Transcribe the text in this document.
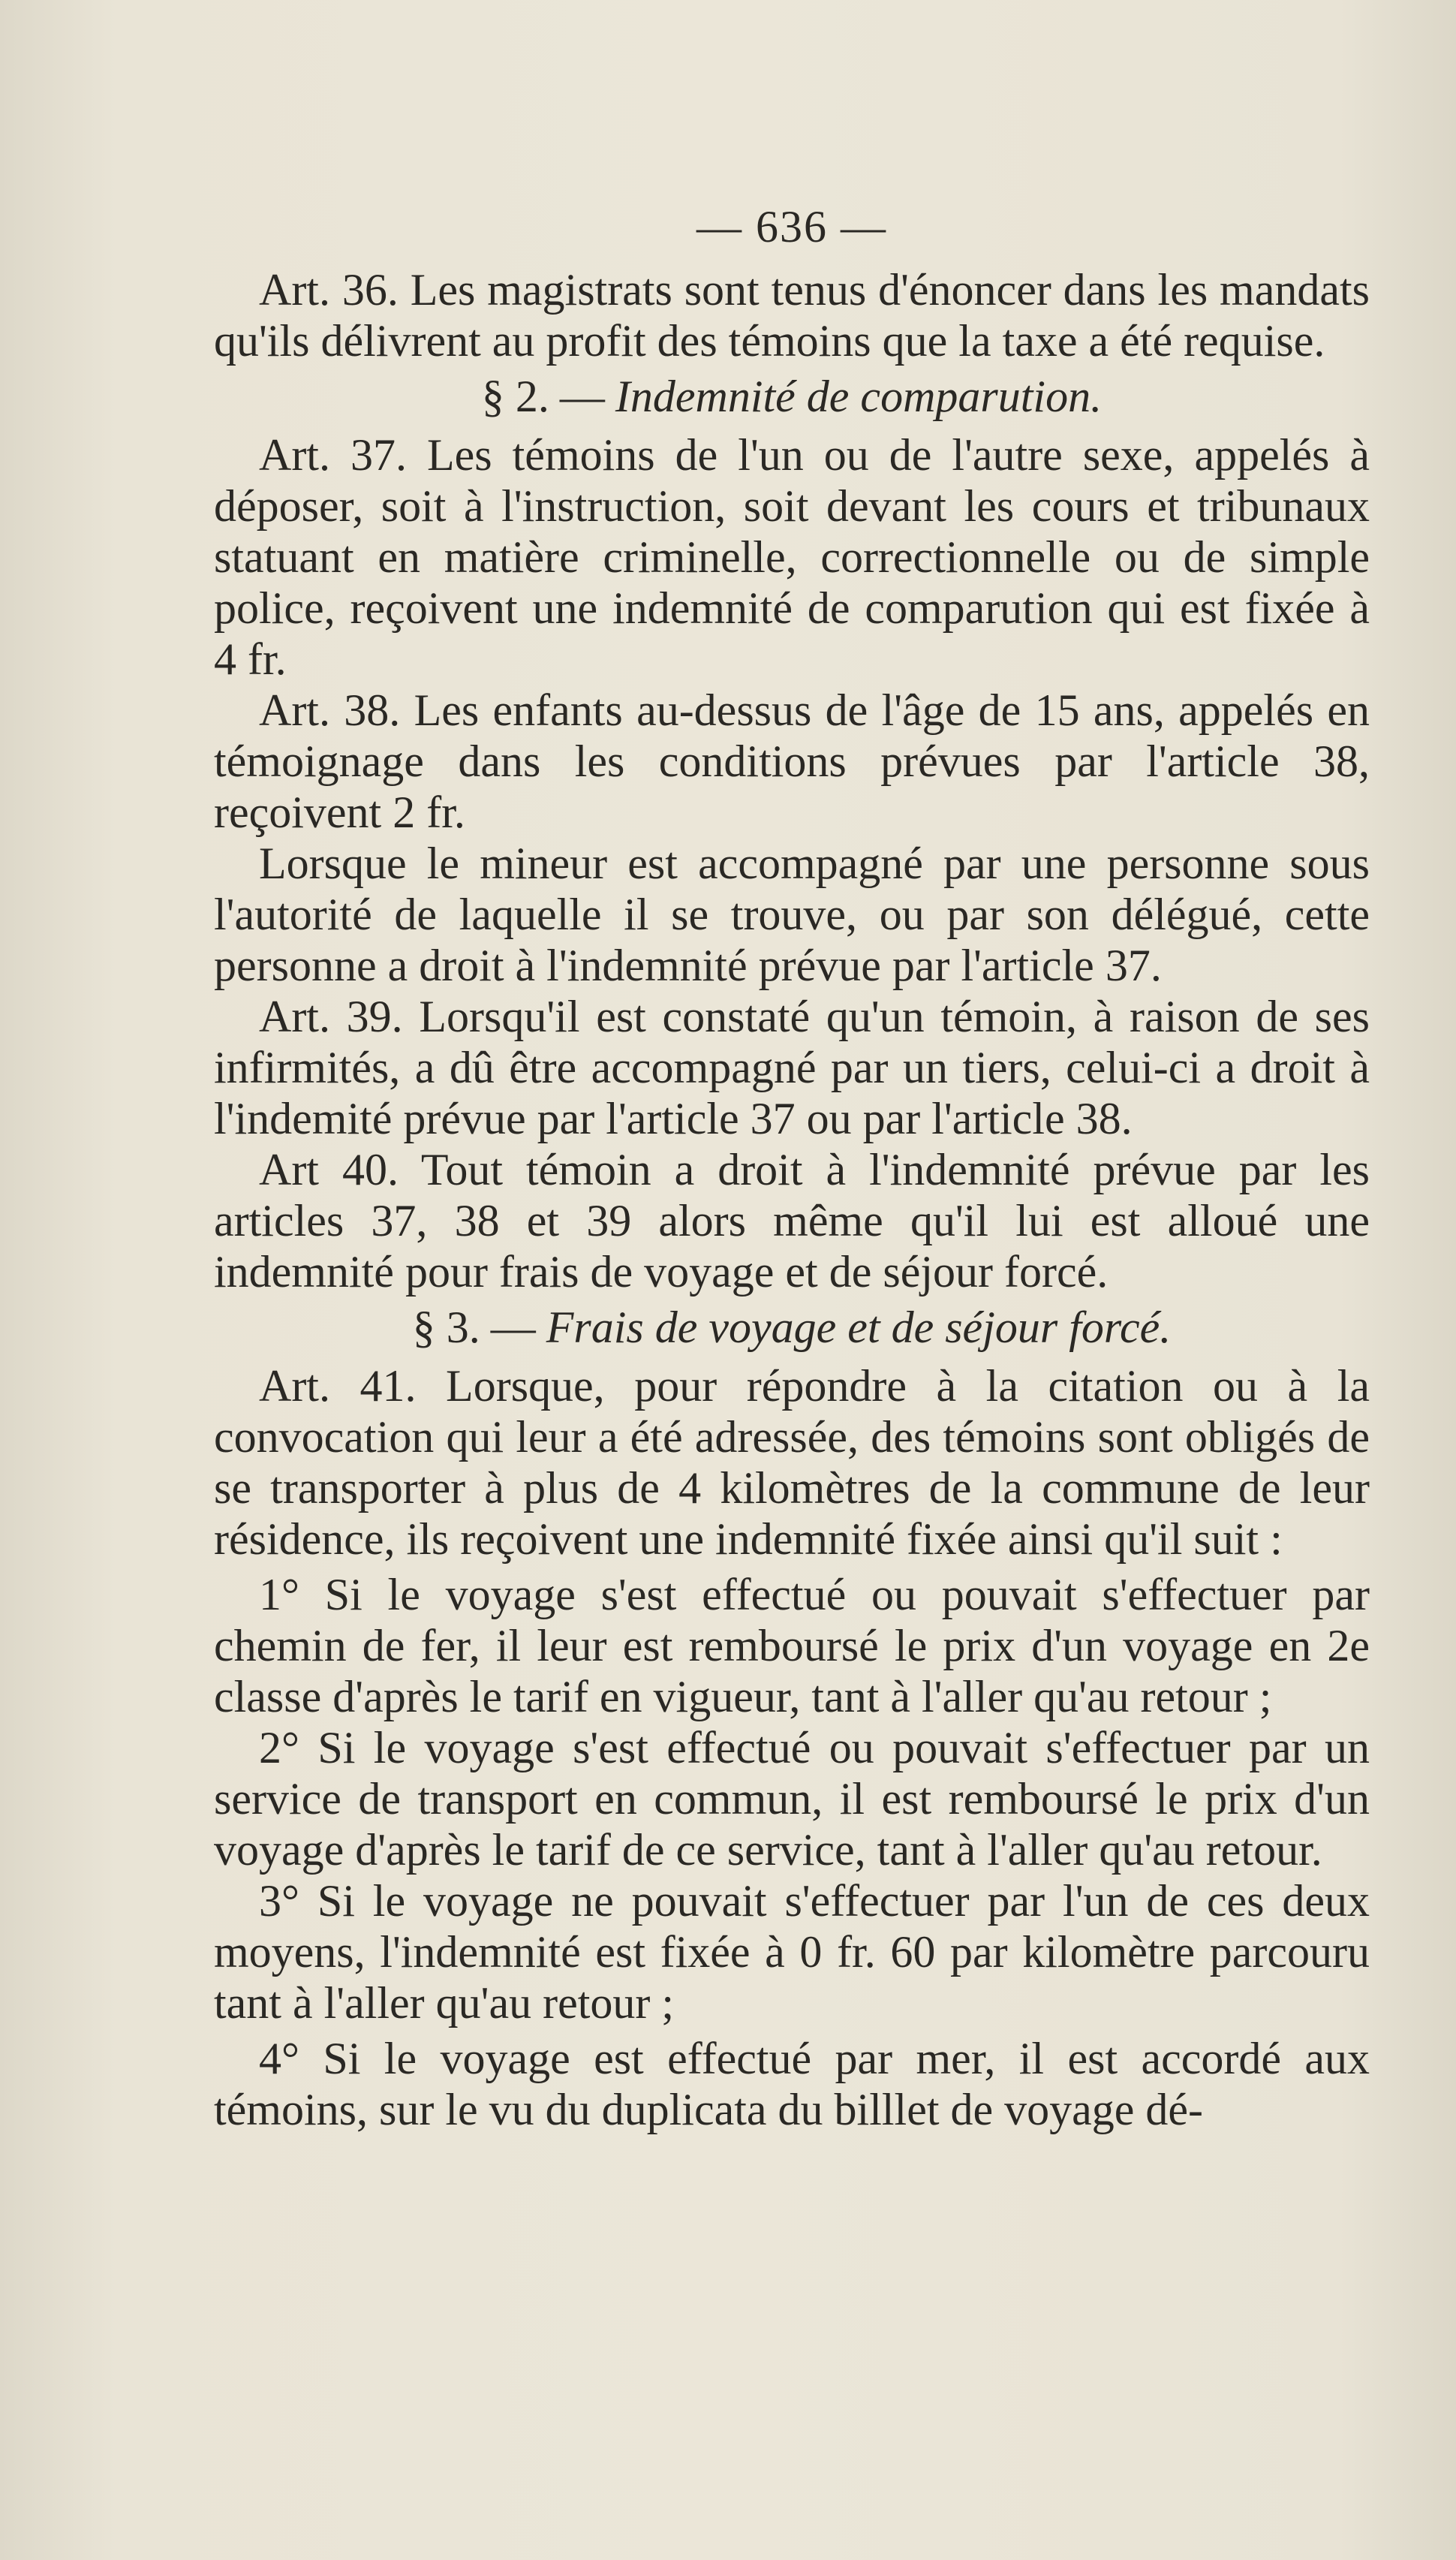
— 636 —

Art. 36. Les magistrats sont tenus d'énoncer dans les mandats qu'ils délivrent au profit des témoins que la taxe a été requise.

§ 2. — Indemnité de comparution.

Art. 37. Les témoins de l'un ou de l'autre sexe, appelés à déposer, soit à l'instruction, soit devant les cours et tribunaux statuant en matière criminelle, correctionnelle ou de simple police, reçoivent une indemnité de comparution qui est fixée à 4 fr.

Art. 38. Les enfants au-dessus de l'âge de 15 ans, appelés en témoignage dans les conditions prévues par l'article 38, reçoivent 2 fr.

Lorsque le mineur est accompagné par une personne sous l'autorité de laquelle il se trouve, ou par son délégué, cette personne a droit à l'indemnité prévue par l'article 37.

Art. 39. Lorsqu'il est constaté qu'un témoin, à raison de ses infirmités, a dû être accompagné par un tiers, celui-ci a droit à l'indemité prévue par l'article 37 ou par l'article 38.

Art 40. Tout témoin a droit à l'indemnité prévue par les articles 37, 38 et 39 alors même qu'il lui est alloué une indemnité pour frais de voyage et de séjour forcé.

§ 3. — Frais de voyage et de séjour forcé.

Art. 41. Lorsque, pour répondre à la citation ou à la convocation qui leur a été adressée, des témoins sont obligés de se transporter à plus de 4 kilomètres de la commune de leur résidence, ils reçoivent une indemnité fixée ainsi qu'il suit :

1° Si le voyage s'est effectué ou pouvait s'effectuer par chemin de fer, il leur est remboursé le prix d'un voyage en 2e classe d'après le tarif en vigueur, tant à l'aller qu'au retour ;

2° Si le voyage s'est effectué ou pouvait s'effectuer par un service de transport en commun, il est remboursé le prix d'un voyage d'après le tarif de ce service, tant à l'aller qu'au retour.

3° Si le voyage ne pouvait s'effectuer par l'un de ces deux moyens, l'indemnité est fixée à 0 fr. 60 par kilomètre parcouru tant à l'aller qu'au retour ;

4° Si le voyage est effectué par mer, il est accordé aux témoins, sur le vu du duplicata du billlet de voyage dé-
